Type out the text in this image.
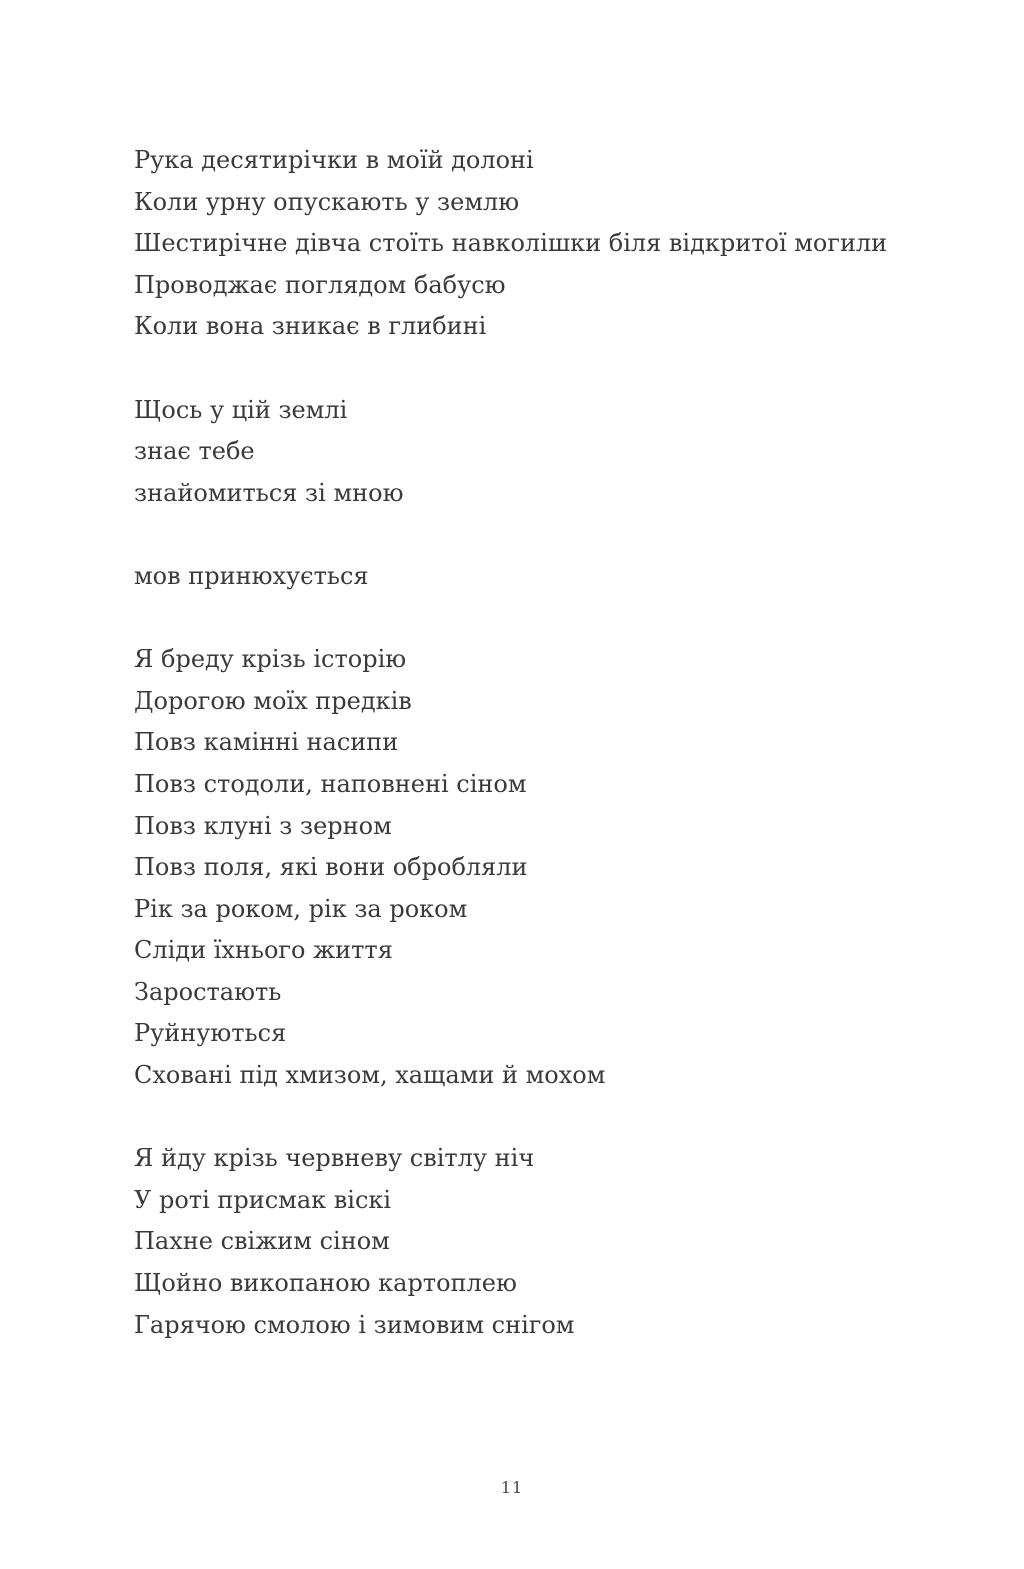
Рука десятирічки в моїй долоні
Коли урну опускають у землю
Шестирічне дівча стоїть навколішки біля відкритої могили
Проводжає поглядом бабусю
Коли вона зникає в глибині

Щось у цій землі
знає тебе
знайомиться зі мною

мов принюхується

Я бреду крізь історію
Дорогою моїх предків
Повз камінні насипи
Повз стодоли, наповнені сіном
Повз клуні з зерном
Повз поля, які вони обробляли
Рік за роком, рік за роком
Сліди їхнього життя
Заростають
Руйнуються
Сховані під хмизом, хащами й мохом

Я йду крізь червневу світлу ніч
У роті присмак віскі
Пахне свіжим сіном
Щойно викопаною картоплею
Гарячою смолою і зимовим снігом

11
